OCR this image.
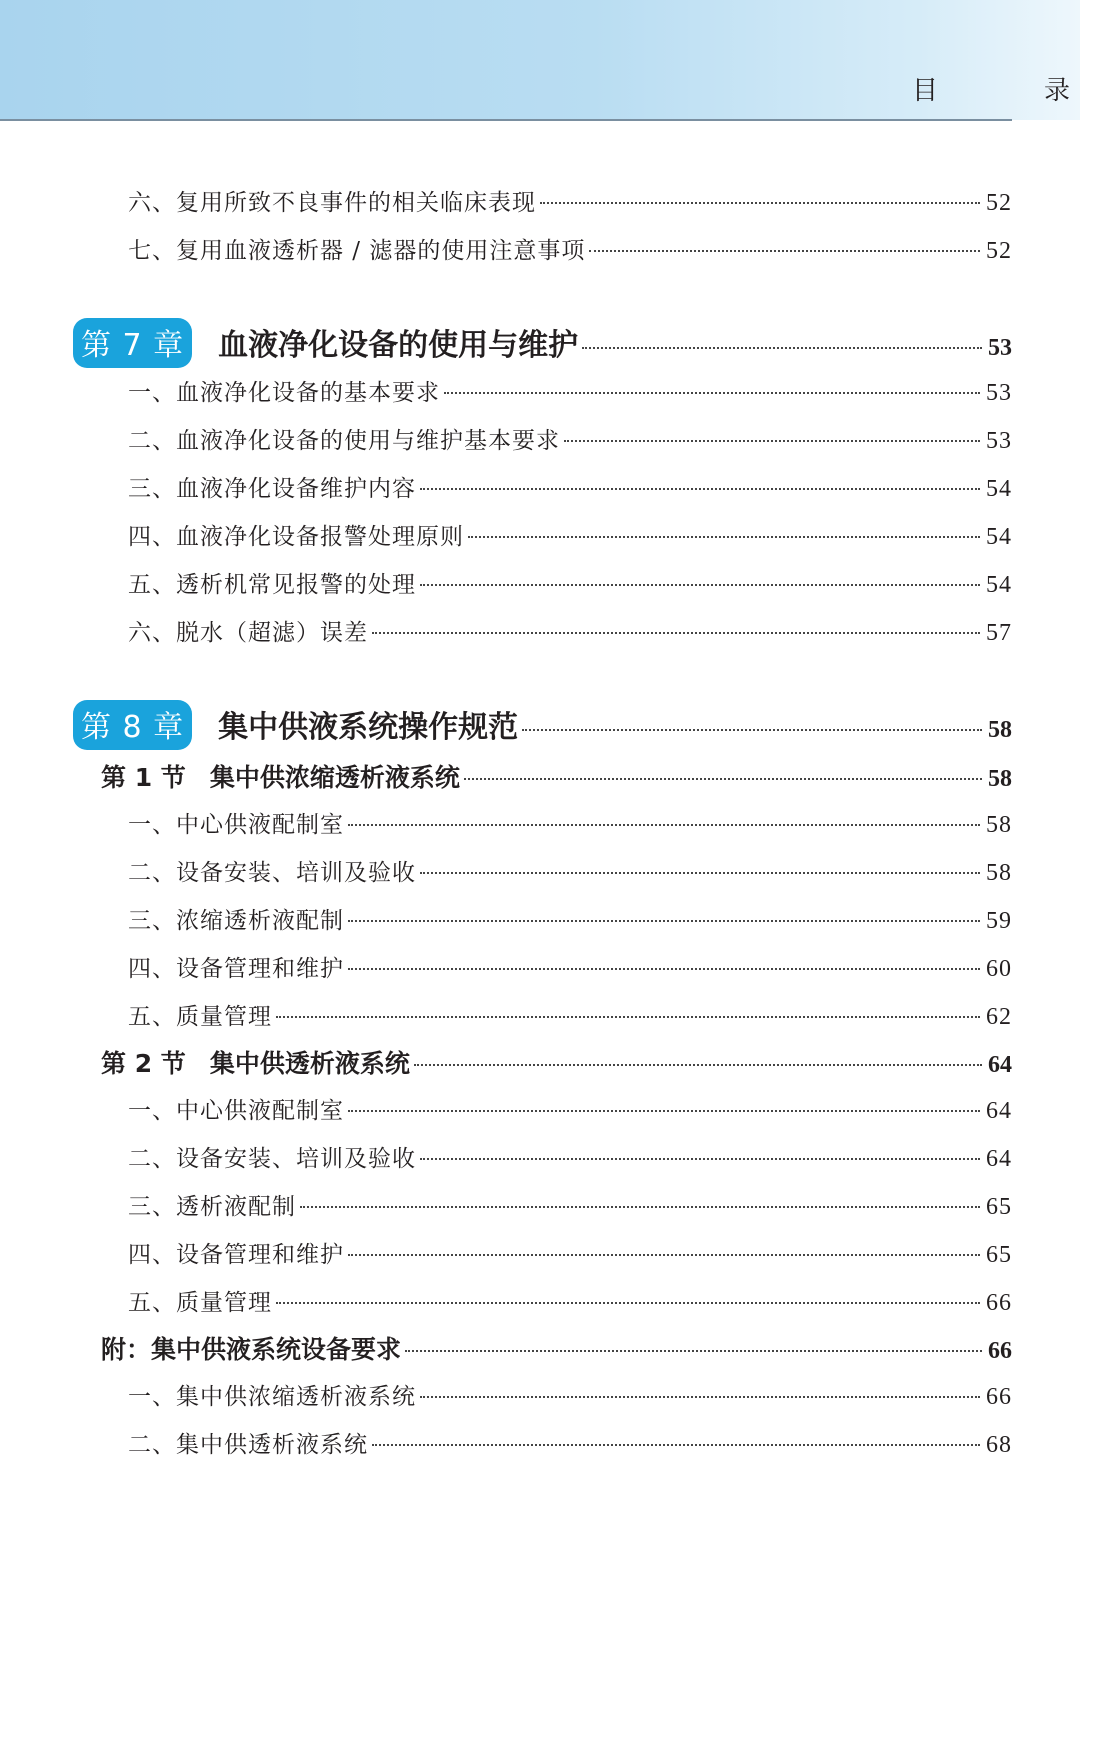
目　录
六、复用所致不良事件的相关临床表现	52
七、复用血液透析器 / 滤器的使用注意事项	52
第 7 章 血液净化设备的使用与维护	53
一、血液净化设备的基本要求	53
二、血液净化设备的使用与维护基本要求	53
三、血液净化设备维护内容	54
四、血液净化设备报警处理原则	54
五、透析机常见报警的处理	54
六、脱水（超滤）误差	57
第 8 章 集中供液系统操作规范	58
第 1 节 集中供浓缩透析液系统	58
一、中心供液配制室	58
二、设备安装、培训及验收	58
三、浓缩透析液配制	59
四、设备管理和维护	60
五、质量管理	62
第 2 节 集中供透析液系统	64
一、中心供液配制室	64
二、设备安装、培训及验收	64
三、透析液配制	65
四、设备管理和维护	65
五、质量管理	66
附：集中供液系统设备要求	66
一、集中供浓缩透析液系统	66
二、集中供透析液系统	68
